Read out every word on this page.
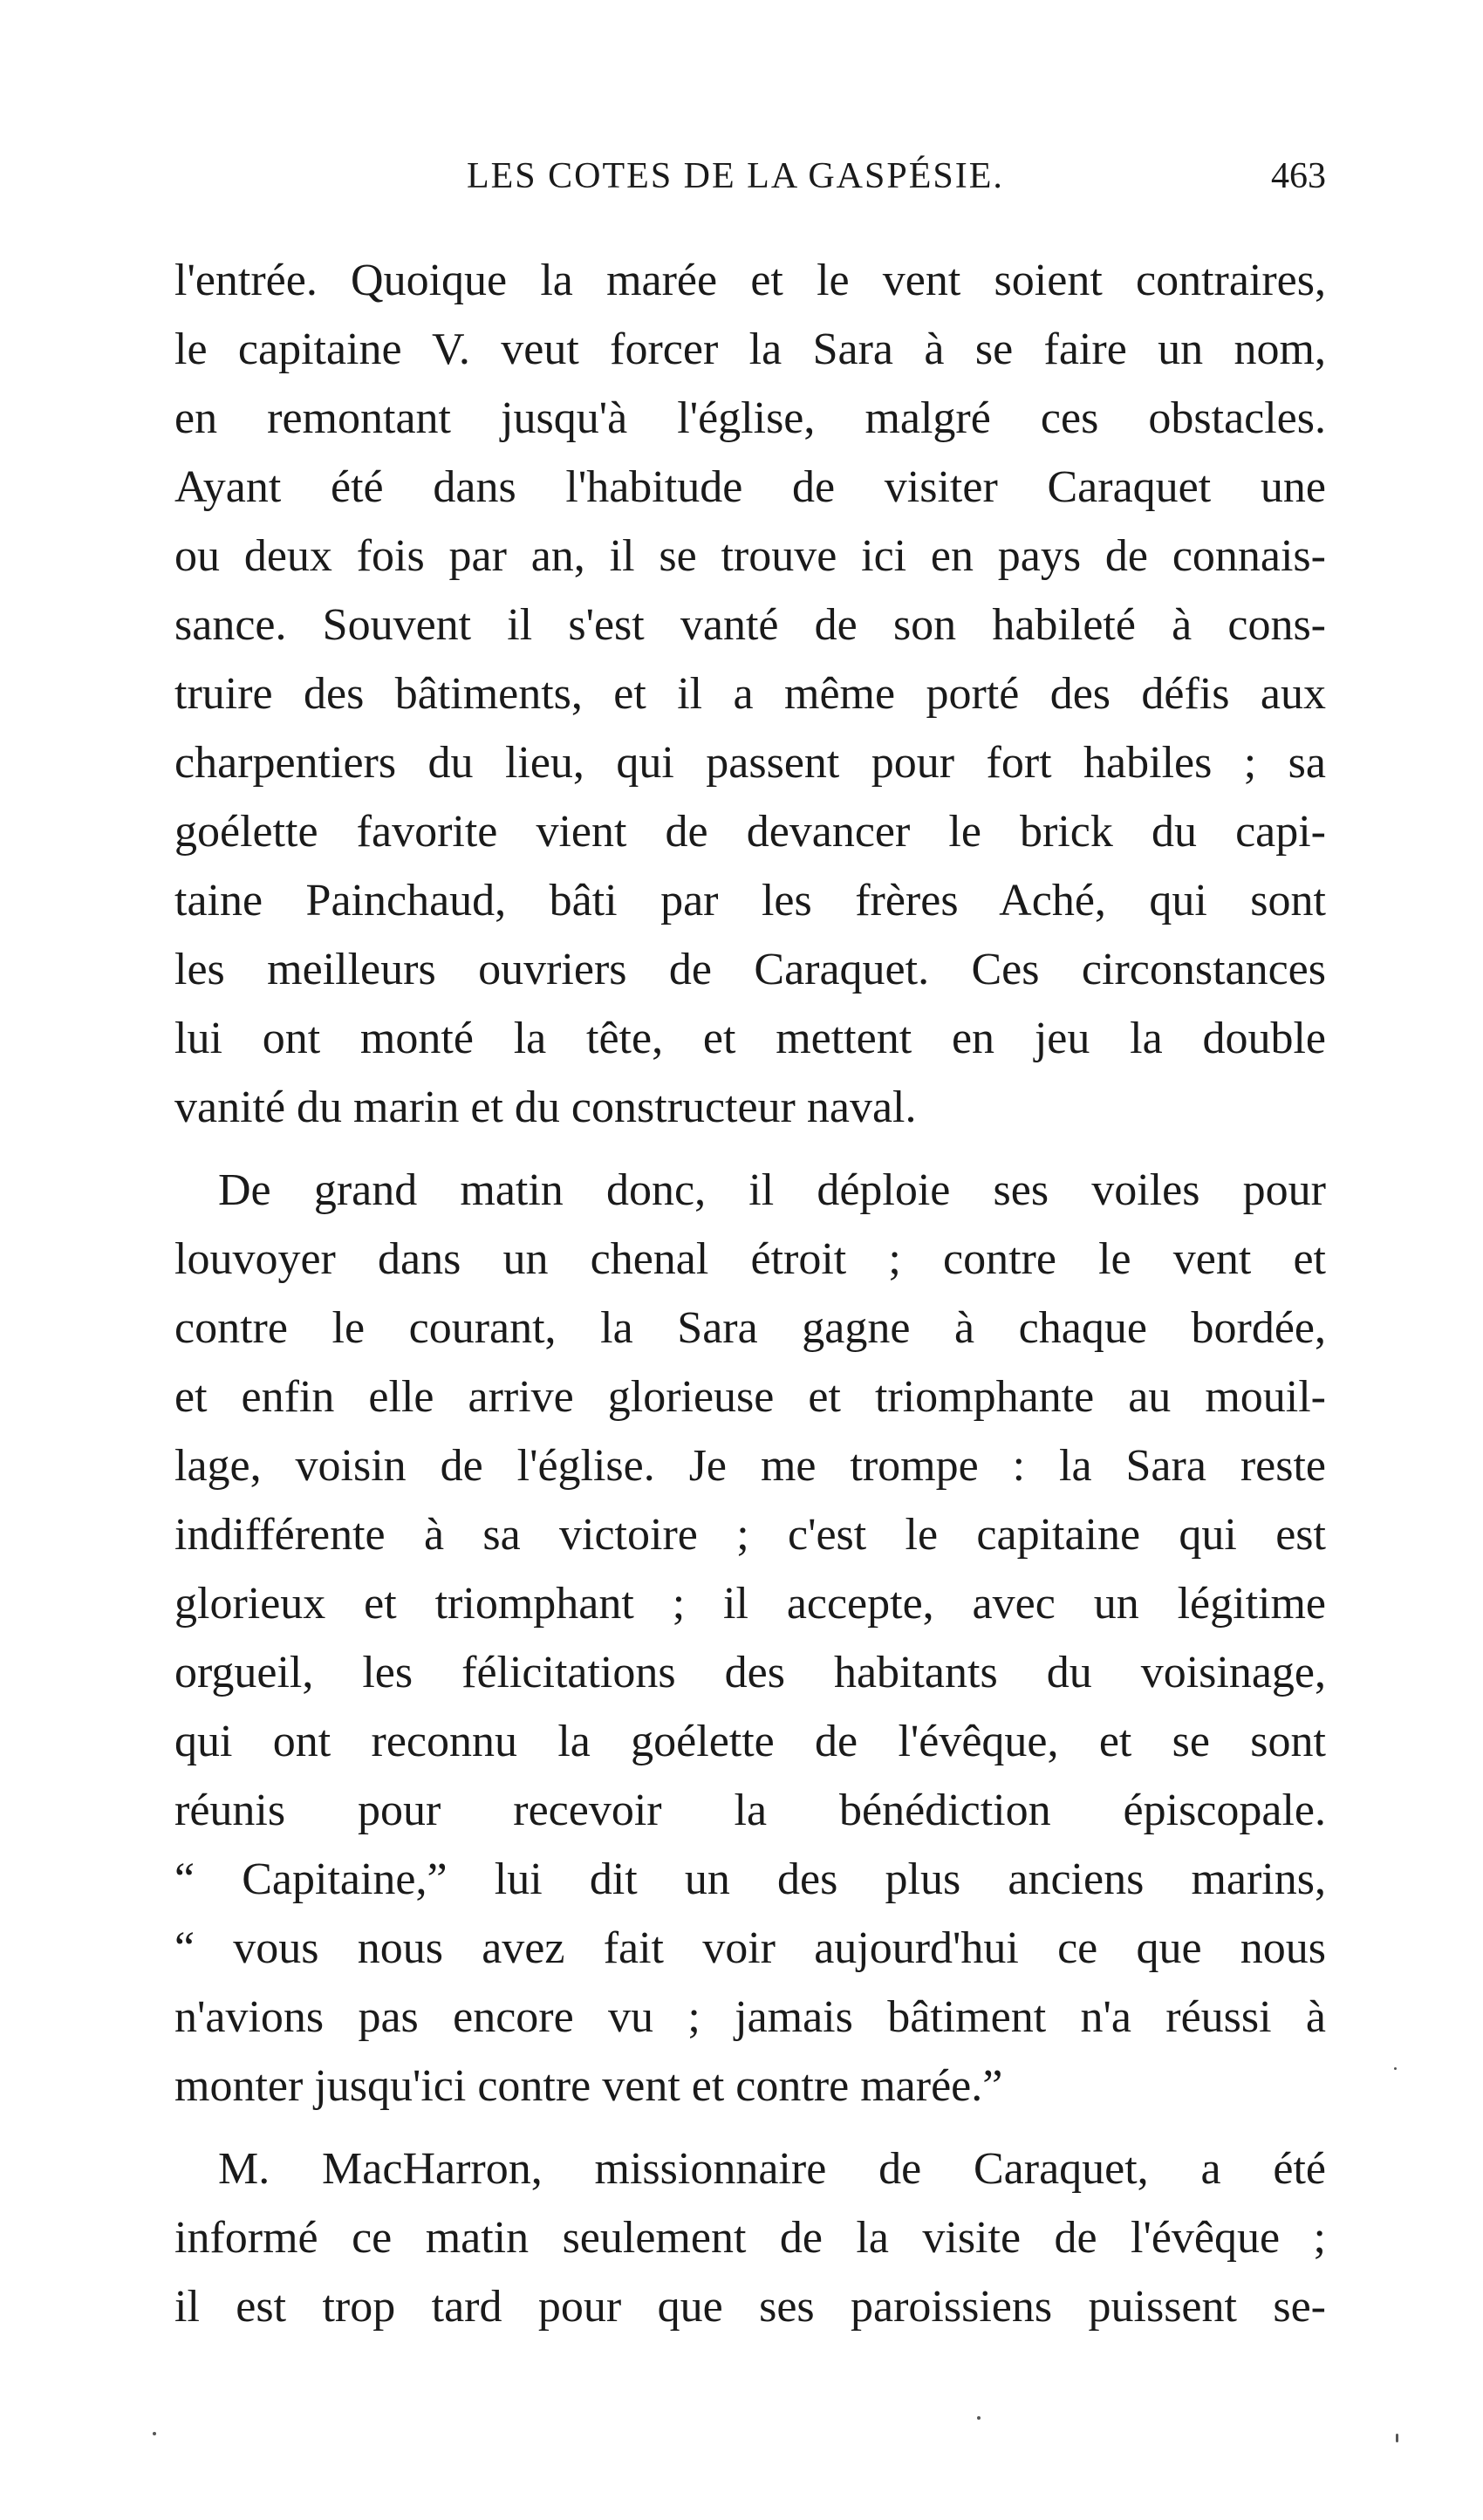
LES COTES DE LA GASPÉSIE.	463
l'entrée. Quoique la marée et le vent soient contraires,
le capitaine V. veut forcer la Sara à se faire un nom,
en remontant jusqu'à l'église, malgré ces obstacles.
Ayant été dans l'habitude de visiter Caraquet une
ou deux fois par an, il se trouve ici en pays de connais-
sance. Souvent il s'est vanté de son habileté à cons-
truire des bâtiments, et il a même porté des défis aux
charpentiers du lieu, qui passent pour fort habiles ; sa
goélette favorite vient de devancer le brick du capi-
taine Painchaud, bâti par les frères Aché, qui sont
les meilleurs ouvriers de Caraquet. Ces circonstances
lui ont monté la tête, et mettent en jeu la double
vanité du marin et du constructeur naval.
De grand matin donc, il déploie ses voiles pour
louvoyer dans un chenal étroit ; contre le vent et
contre le courant, la Sara gagne à chaque bordée,
et enfin elle arrive glorieuse et triomphante au mouil-
lage, voisin de l'église. Je me trompe : la Sara reste
indifférente à sa victoire ; c'est le capitaine qui est
glorieux et triomphant ; il accepte, avec un légitime
orgueil, les félicitations des habitants du voisinage,
qui ont reconnu la goélette de l'évêque, et se sont
réunis pour recevoir la bénédiction épiscopale.
“ Capitaine,” lui dit un des plus anciens marins,
“ vous nous avez fait voir aujourd'hui ce que nous
n'avions pas encore vu ; jamais bâtiment n'a réussi à
monter jusqu'ici contre vent et contre marée.”
M. MacHarron, missionnaire de Caraquet, a été
informé ce matin seulement de la visite de l'évêque ;
il est trop tard pour que ses paroissiens puissent se-
